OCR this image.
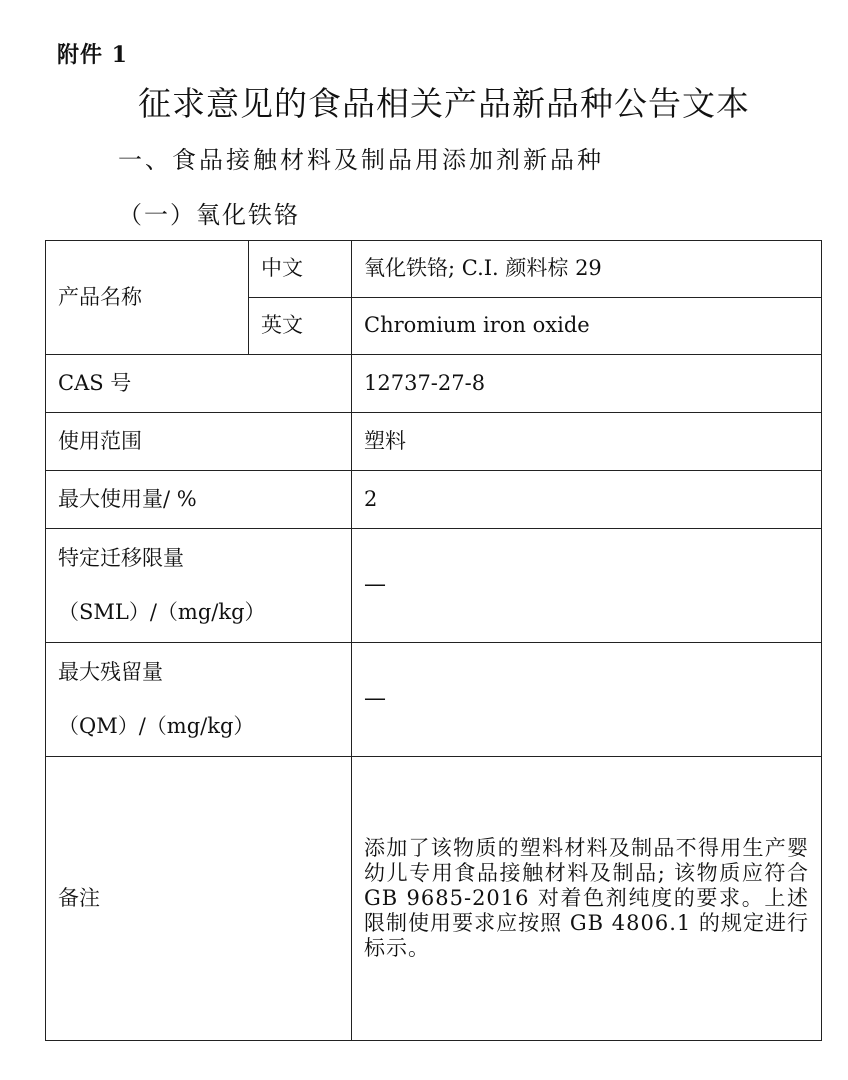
附件 1
征求意见的食品相关产品新品种公告文本
一、食品接触材料及制品用添加剂新品种
（一）氧化铁铬
产品名称	中文	氧化铁铬; C.I. 颜料棕 29
	英文	Chromium iron oxide
CAS 号		12737-27-8
使用范围		塑料
最大使用量/ %		2

特定迁移限量
（SML）/（mg/kg）		—

最大残留量
（QM）/（mg/kg）		—
备注		添加了该物质的塑料材料及制品不得用生产婴幼儿专用食品接触材料及制品; 该物质应符合 GB 9685-2016 对着色剂纯度的要求。上述限制使用要求应按照 GB 4806.1 的规定进行标示。
